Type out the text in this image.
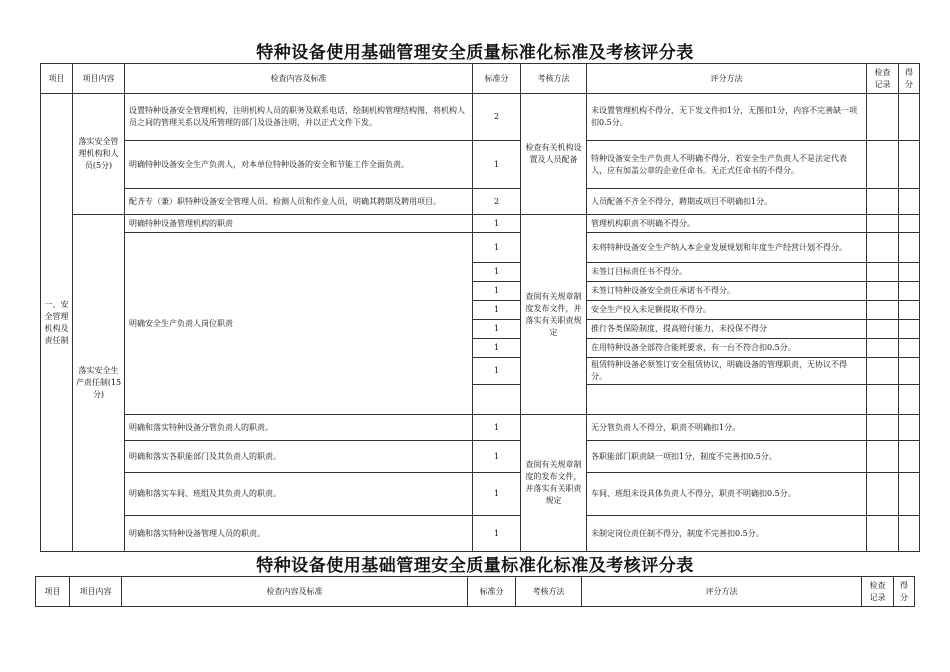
特种设备使用基础管理安全质量标准化标准及考核评分表
项目	项目内容	检查内容及标准	标准分	考核方法	评分方法	检查记录	得分
一、安全管理机构及责任制	落实安全管理机构和人员(5分)	设置特种设备安全管理机构，注明机构人员的职务及联系电话，绘制机构管理结构图，将机构人员之间的管理关系以及所管理的部门及设备注明，并以正式文件下发。	2	检查有关机构设置及人员配备	未设置管理机构不得分，无下发文件扣1分，无图扣1分，内容不完善缺一项扣0.5分。		
		明确特种设备安全生产负责人，对本单位特种设备的安全和节能工作全面负责。	1		特种设备安全生产负责人不明确不得分，若安全生产负责人不是法定代表人，应有加盖公章的企业任命书。无正式任命书的不得分。		
		配齐专（兼）职特种设备安全管理人员、检测人员和作业人员，明确其聘期及聘用项目。	2		人员配备不齐全不得分，聘期或项目不明确扣1分。		
	落实安全生产责任制(15分)	明确特种设备管理机构的职责	1	查阅有关规章制度发布文件，并落实有关职责规定	管理机构职责不明确不得分。		
		明确安全生产负责人岗位职责	1		未将特种设备安全生产纳入本企业发展规划和年度生产经营计划不得分。		
			1		未签订目标责任书不得分。		
			1		未签订特种设备安全责任承诺书不得分。		
			1		安全生产投入未足额提取不得分。		
			1		推行各类保险制度，提高赔付能力，未投保不得分		
			1		在用特种设备全部符合能耗要求，有一台不符合扣0.5分。		
			1		租赁特种设备必须签订安全租赁协议，明确设备的管理职责，无协议不得分。		

		明确和落实特种设备分管负责人的职责。	1	查阅有关规章制度的发布文件，并落实有关职责规定	无分管负责人不得分，职责不明确扣1分。		
		明确和落实各职能部门及其负责人的职责。	1		各职能部门职责缺一项扣1分，制度不完善扣0.5分。		
		明确和落实车间、班组及其负责人的职责。	1		车间、班组未设具体负责人不得分，职责不明确扣0.5分。		
		明确和落实特种设备管理人员的职责。	1		未制定岗位责任制不得分，制度不完善扣0.5分。		
特种设备使用基础管理安全质量标准化标准及考核评分表
项目	项目内容	检查内容及标准	标准分	考核方法	评分方法	检查记录	得分
